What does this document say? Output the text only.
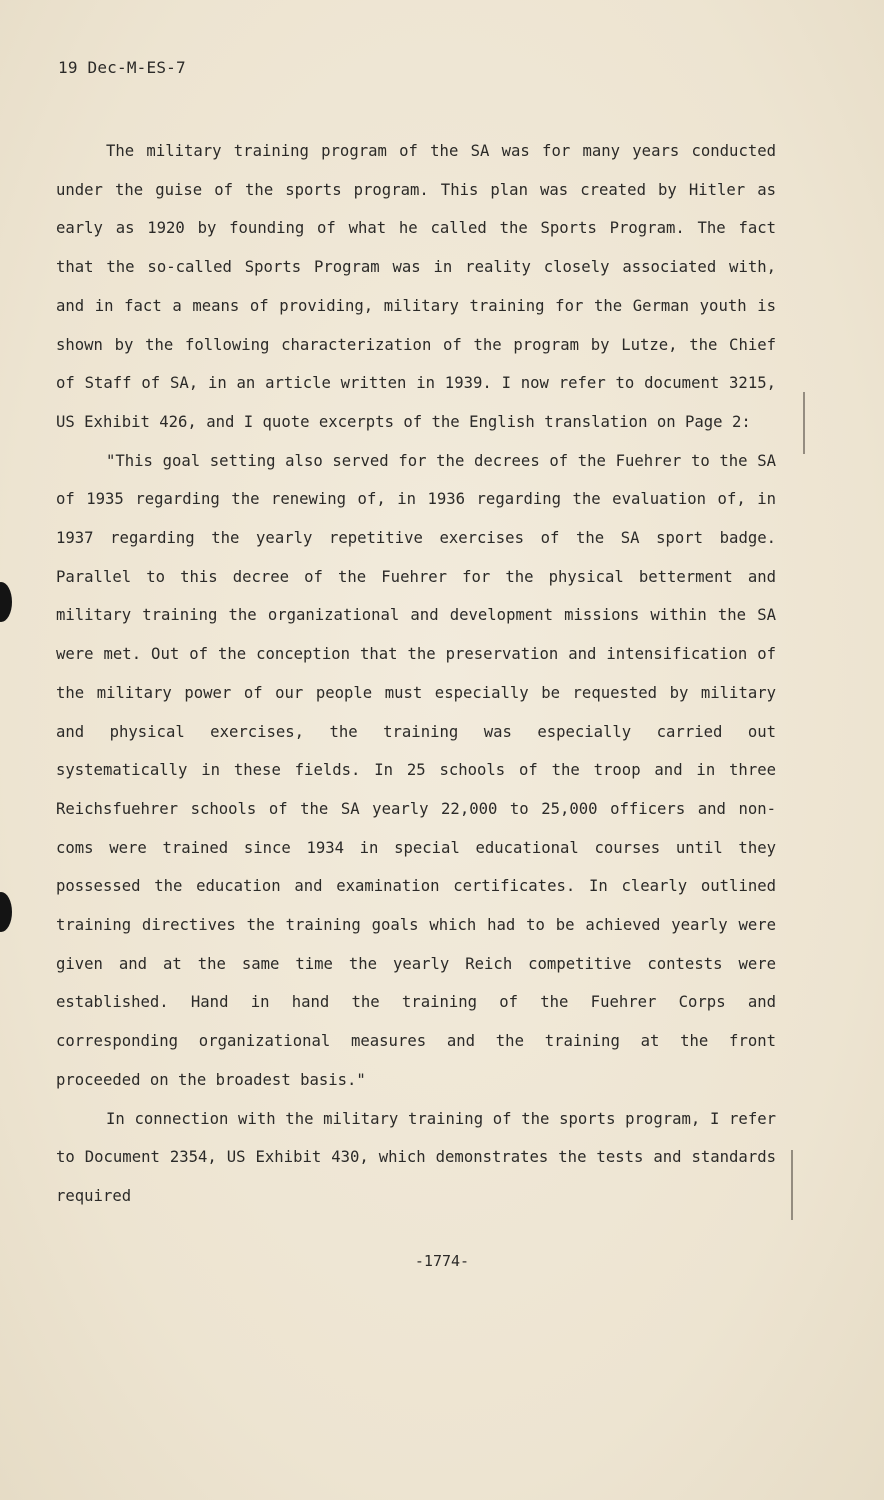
19 Dec-M-ES-7

The military training program of the SA was for many years conducted under the guise of the sports program. This plan was created by Hitler as early as 1920 by founding of what he called the Sports Program. The fact that the so-called Sports Program was in reality closely associated with, and in fact a means of providing, military training for the German youth is shown by the following characterization of the program by Lutze, the Chief of Staff of SA, in an article written in 1939. I now refer to document 3215, US Exhibit 426, and I quote excerpts of the English translation on Page 2:

"This goal setting also served for the decrees of the Fuehrer to the SA of 1935 regarding the renewing of, in 1936 regarding the evaluation of, in 1937 regarding the yearly repetitive exercises of the SA sport badge. Parallel to this decree of the Fuehrer for the physical betterment and military training the organizational and development missions within the SA were met. Out of the conception that the preservation and intensification of the military power of our people must especially be requested by military and physical exercises, the training was especially carried out systematically in these fields. In 25 schools of the troop and in three Reichsfuehrer schools of the SA yearly 22,000 to 25,000 officers and non-coms were trained since 1934 in special educational courses until they possessed the education and examination certificates. In clearly outlined training directives the training goals which had to be achieved yearly were given and at the same time the yearly Reich competitive contests were established. Hand in hand the training of the Fuehrer Corps and corresponding organizational measures and the training at the front proceeded on the broadest basis."

In connection with the military training of the sports program, I refer to Document 2354, US Exhibit 430, which demonstrates the tests and standards required

-1774-
